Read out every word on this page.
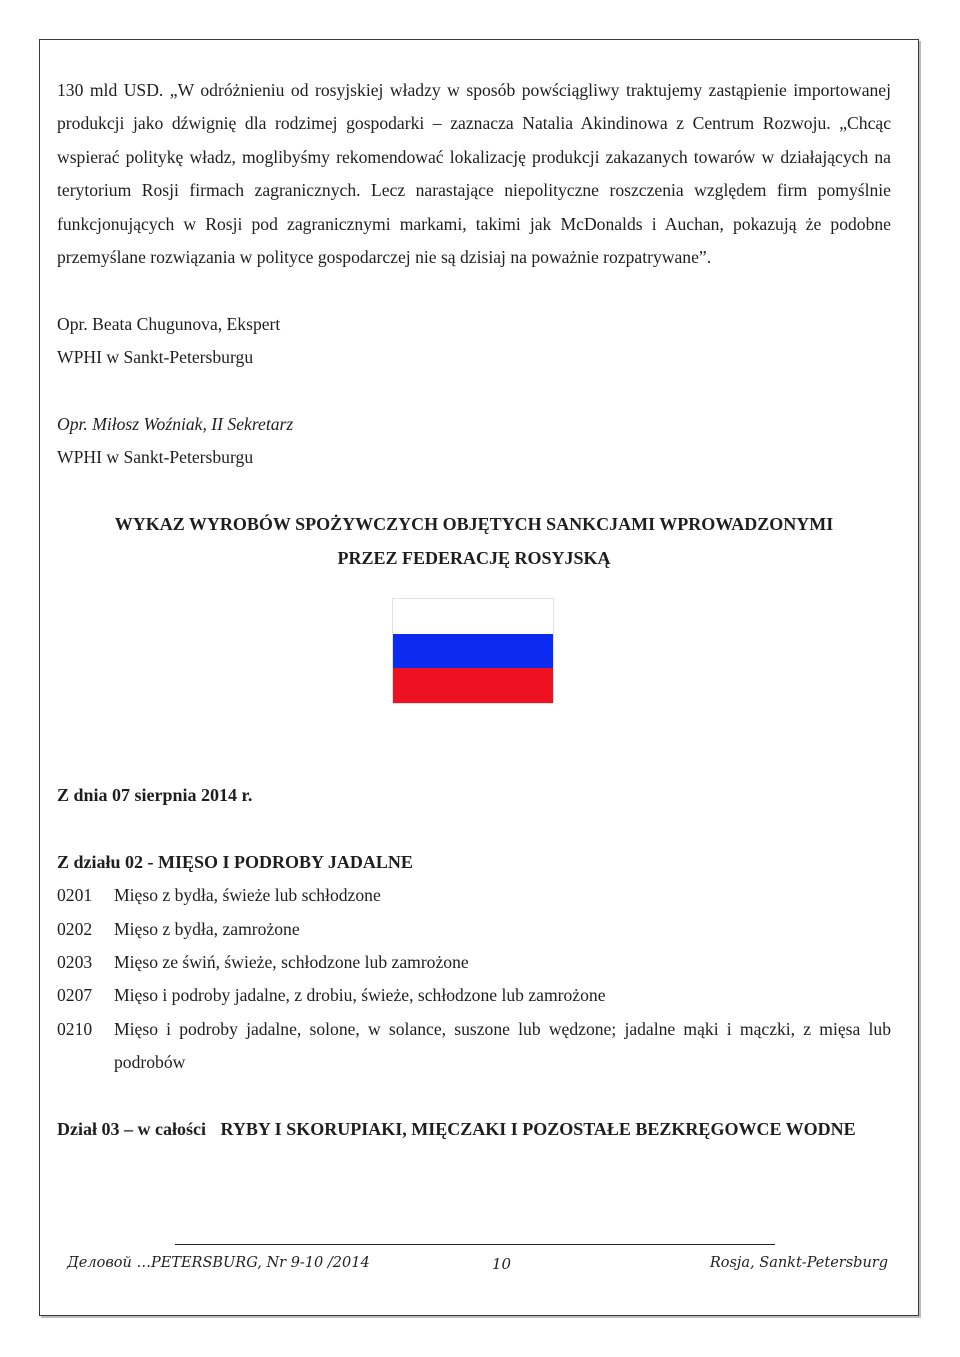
130 mld USD. „W odróżnieniu od rosyjskiej władzy w sposób powściągliwy traktujemy zastąpienie importowanej produkcji jako dźwignię dla rodzimej gospodarki – zaznacza Natalia Akindinowa z Centrum Rozwoju. „Chcąc wspierać politykę władz, moglibyśmy rekomendować lokalizację produkcji zakazanych towarów w działających na terytorium Rosji firmach zagranicznych. Lecz narastające niepolityczne roszczenia względem firm pomyślnie funkcjonujących w Rosji pod zagranicznymi markami, takimi jak McDonalds i Auchan, pokazują że podobne przemyślane rozwiązania w polityce gospodarczej nie są dzisiaj na poważnie rozpatrywane”.

Opr. Beata Chugunova, Ekspert

WPHI w Sankt-Petersburgu

Opr. Miłosz Woźniak, II Sekretarz

WPHI w Sankt-Petersburgu

WYKAZ WYROBÓW SPOŻYWCZYCH OBJĘTYCH SANKCJAMI WPROWADZONYMI
PRZEZ FEDERACJĘ ROSYJSKĄ

Z dnia 07 sierpnia 2014 r.

Z działu 02 - MIĘSO I PODROBY JADALNE

0201	Mięso z bydła, świeże lub schłodzone
0202	Mięso z bydła, zamrożone
0203	Mięso ze świń, świeże, schłodzone lub zamrożone
0207	Mięso i podroby jadalne, z drobiu, świeże, schłodzone lub zamrożone
0210	Mięso i podroby jadalne, solone, w solance, suszone lub wędzone; jadalne mąki i mączki, z mięsa lub podrobów
Dział 03 – w całości RYBY I SKORUPIAKI, MIĘCZAKI I POZOSTAŁE BEZKRĘGOWCE WODNE
Деловой …PETERSBURG, Nr 9-10 /2014	10	Rosja, Sankt-Petersburg
